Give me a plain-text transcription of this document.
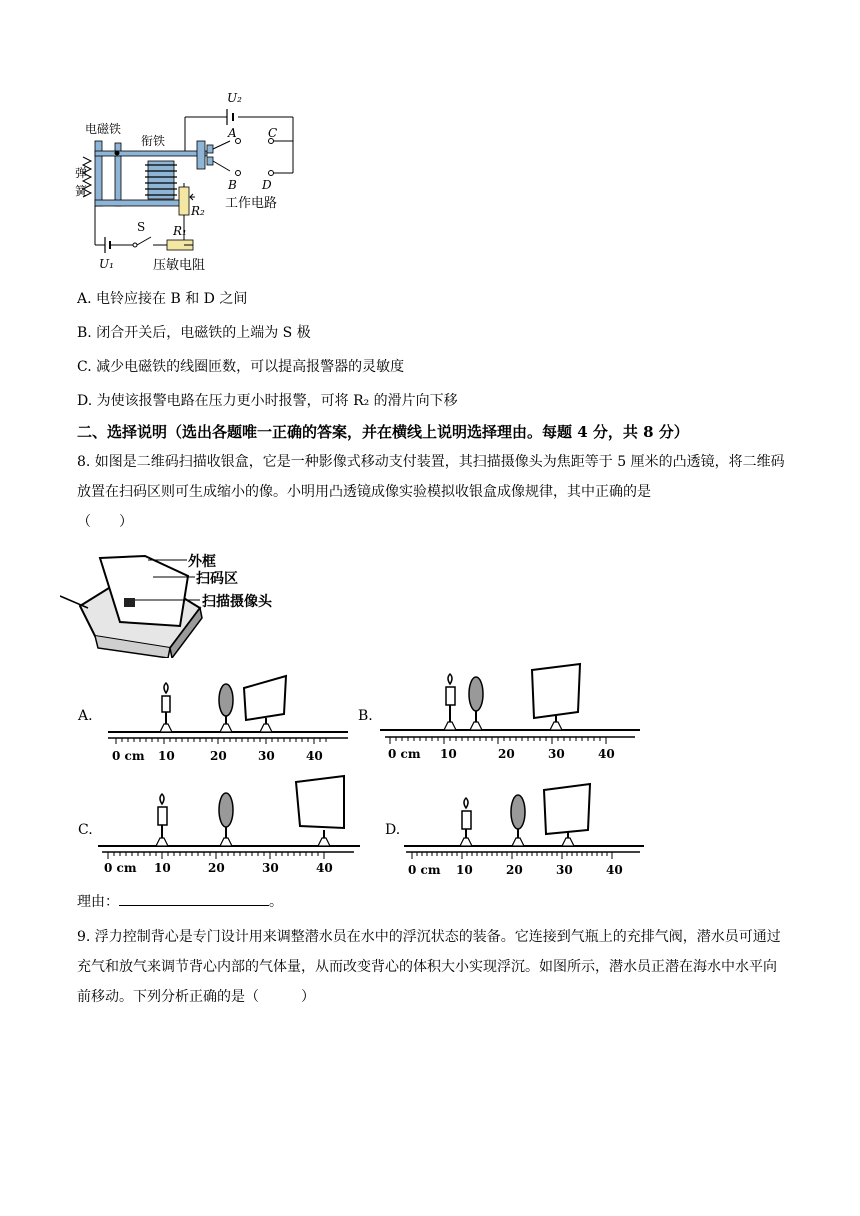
U₂
A	C
B D
电磁铁
衔铁
弹
簧
R₂ 工作电路
S R₁
U₁	压敏电阻
A. 电铃应接在 B 和 D 之间
B. 闭合开关后，电磁铁的上端为 S 极
C. 减少电磁铁的线圈匝数，可以提高报警器的灵敏度
D. 为使该报警电路在压力更小时报警，可将 R₂ 的滑片向下移
二、选择说明（选出各题唯一正确的答案，并在横线上说明选择理由。每题 4 分，共 8 分）
8. 如图是二维码扫描收银盒，它是一种影像式移动支付装置，其扫描摄像头为焦距等于 5 厘米的凸透镜，将二维码放置在扫码区则可生成缩小的像。小明用凸透镜成像实验模拟收银盒成像规律，其中正确的是
（　　）
外框
扫码区
扫描摄像头
A.	B.
C.	D.
0 cm 10	20	30	40	0 cm 10	20	30	40
0 cm 10	20	30	40	0 cm 10	20	30	40
理由：	。
9. 浮力控制背心是专门设计用来调整潜水员在水中的浮沉状态的装备。它连接到气瓶上的充排气阀，潜水员可通过充气和放气来调节背心内部的气体量，从而改变背心的体积大小实现浮沉。如图所示，潜水员正潜在海水中水平向前移动。下列分析正确的是（　　　）
